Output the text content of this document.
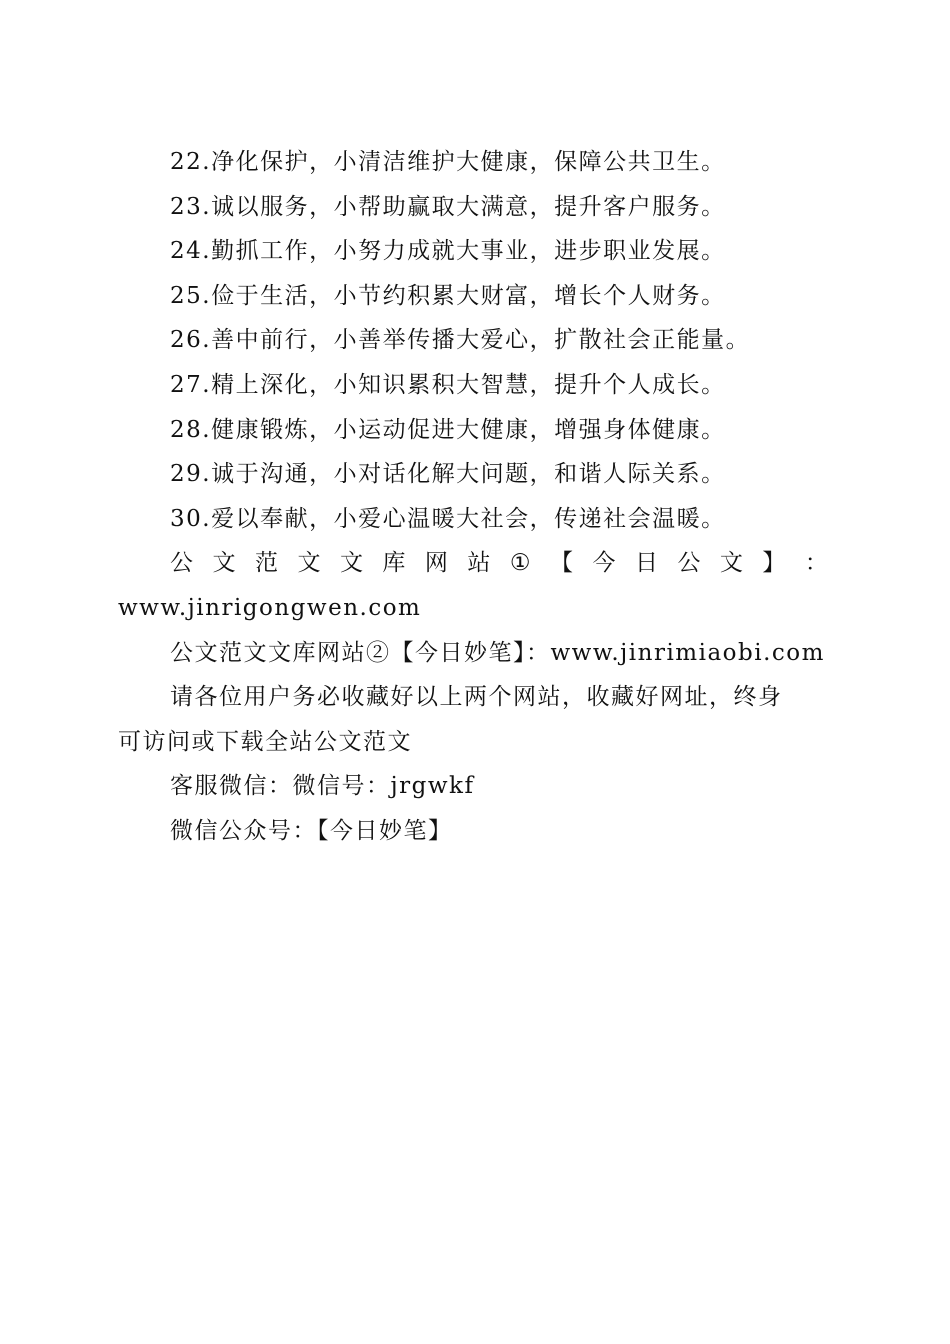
22.净化保护，小清洁维护大健康，保障公共卫生。
23.诚以服务，小帮助赢取大满意，提升客户服务。
24.勤抓工作，小努力成就大事业，进步职业发展。
25.俭于生活，小节约积累大财富，增长个人财务。
26.善中前行，小善举传播大爱心，扩散社会正能量。
27.精上深化，小知识累积大智慧，提升个人成长。
28.健康锻炼，小运动促进大健康，增强身体健康。
29.诚于沟通，小对话化解大问题，和谐人际关系。
30.爱以奉献，小爱心温暖大社会，传递社会温暖。
公 文 范 文 文 库 网 站 ① 【 今 日 公 文 】 ：
www.jinrigongwen.com
公文范文文库网站②【今日妙笔】：www.jinrimiaobi.com
请各位用户务必收藏好以上两个网站，收藏好网址，终身
可访问或下载全站公文范文
客服微信：微信号：jrgwkf
微信公众号：【今日妙笔】
